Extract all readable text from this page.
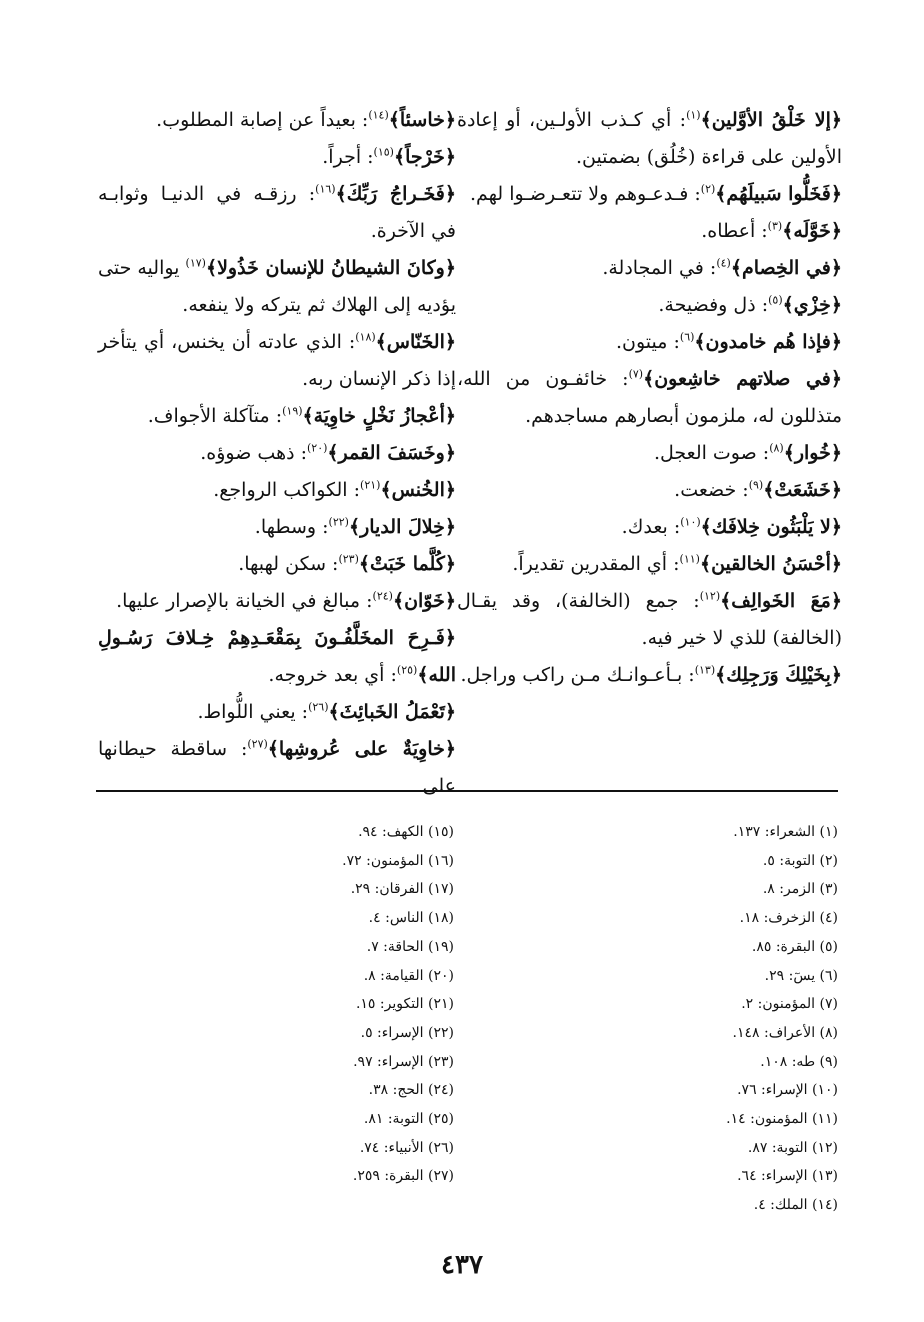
﴿إلا خَلْقُ الأوَّلين﴾$^{(١)}$: أي كـذب الأولـين، أو إعادة الأولين على قراءة (خُلُق) بضمتين.
﴿فَخَلُّوا سَبيلَهُم﴾$^{(٢)}$: فـدعـوهم ولا تتعـرضـوا لهم.
﴿خَوَّلَه﴾$^{(٣)}$: أعطاه.
﴿في الخِصام﴾$^{(٤)}$: في المجادلة.
﴿خِزْي﴾$^{(٥)}$: ذل وفضيحة.
﴿فإذا هُم خامدون﴾$^{(٦)}$: ميتون.
﴿في صلاتهم خاشِعون﴾$^{(٧)}$: خائفـون من الله، متذللون له، ملزمون أبصارهم مساجدهم.
﴿خُوار﴾$^{(٨)}$: صوت العجل.
﴿خَشَعَتْ﴾$^{(٩)}$: خضعت.
﴿لا يَلْبَثُون خِلافَك﴾$^{(١٠)}$: بعدك.
﴿أحْسَنُ الخالقين﴾$^{(١١)}$: أي المقدرين تقديراً.
﴿مَعَ الخَوالِف﴾$^{(١٢)}$: جمع (الخالفة)، وقد يقـال (الخالفة) للذي لا خير فيه.
﴿بِخَيْلِكَ وَرَجِلِك﴾$^{(١٣)}$: بـأعـوانـك مـن راكب وراجل.
﴿خاسئاً﴾$^{(١٤)}$: بعيداً عن إصابة المطلوب.
﴿خَرْجاً﴾$^{(١٥)}$: أجراً.
﴿فَخَـراجُ رَبِّكَ﴾$^{(١٦)}$: رزقـه في الدنيـا وثوابـه في الآخرة.
﴿وكانَ الشيطانُ للإنسان خَذُولا﴾$^{(١٧)}$ يواليه حتى يؤديه إلى الهلاك ثم يتركه ولا ينفعه.
﴿الخَنّاس﴾$^{(١٨)}$: الذي عادته أن يخنس، أي يتأخر إذا ذكر الإنسان ربه.
﴿أعْجازُ نَخْلٍ خاوِيَة﴾$^{(١٩)}$: متآكلة الأجواف.
﴿وخَسَفَ القمر﴾$^{(٢٠)}$: ذهب ضوؤه.
﴿الخُنس﴾$^{(٢١)}$: الكواكب الرواجع.
﴿خِلالَ الديار﴾$^{(٢٢)}$: وسطها.
﴿كُلَّما خَبَتْ﴾$^{(٢٣)}$: سكن لهبها.
﴿خَوّان﴾$^{(٢٤)}$: مبالغ في الخيانة بالإصرار عليها.
﴿فَـرِحَ المخَلَّفُـونَ بِمَقْعَـدِهِمْ خِـلافَ رَسُـولِ الله﴾$^{(٢٥)}$: أي بعد خروجه.
﴿تَعْمَلُ الخَبائِثَ﴾$^{(٢٦)}$: يعني اللُّواط.
﴿خاوِيَةٌ على عُروشِها﴾$^{(٢٧)}$: ساقطة حيطانها على
(١) الشعراء: ١٣٧.
(٢) التوبة: ٥.
(٣) الزمر: ٨.
(٤) الزخرف: ١٨.
(٥) البقرة: ٨٥.
(٦) يسٓ: ٢٩.
(٧) المؤمنون: ٢.
(٨) الأعراف: ١٤٨.
(٩) طه: ١٠٨.
(١٠) الإسراء: ٧٦.
(١١) المؤمنون: ١٤.
(١٢) التوبة: ٨٧.
(١٣) الإسراء: ٦٤.
(١٤) الملك: ٤.
(١٥) الكهف: ٩٤.
(١٦) المؤمنون: ٧٢.
(١٧) الفرقان: ٢٩.
(١٨) الناس: ٤.
(١٩) الحاقة: ٧.
(٢٠) القيامة: ٨.
(٢١) التكوير: ١٥.
(٢٢) الإسراء: ٥.
(٢٣) الإسراء: ٩٧.
(٢٤) الحج: ٣٨.
(٢٥) التوبة: ٨١.
(٢٦) الأنبياء: ٧٤.
(٢٧) البقرة: ٢٥٩.
٤٣٧
